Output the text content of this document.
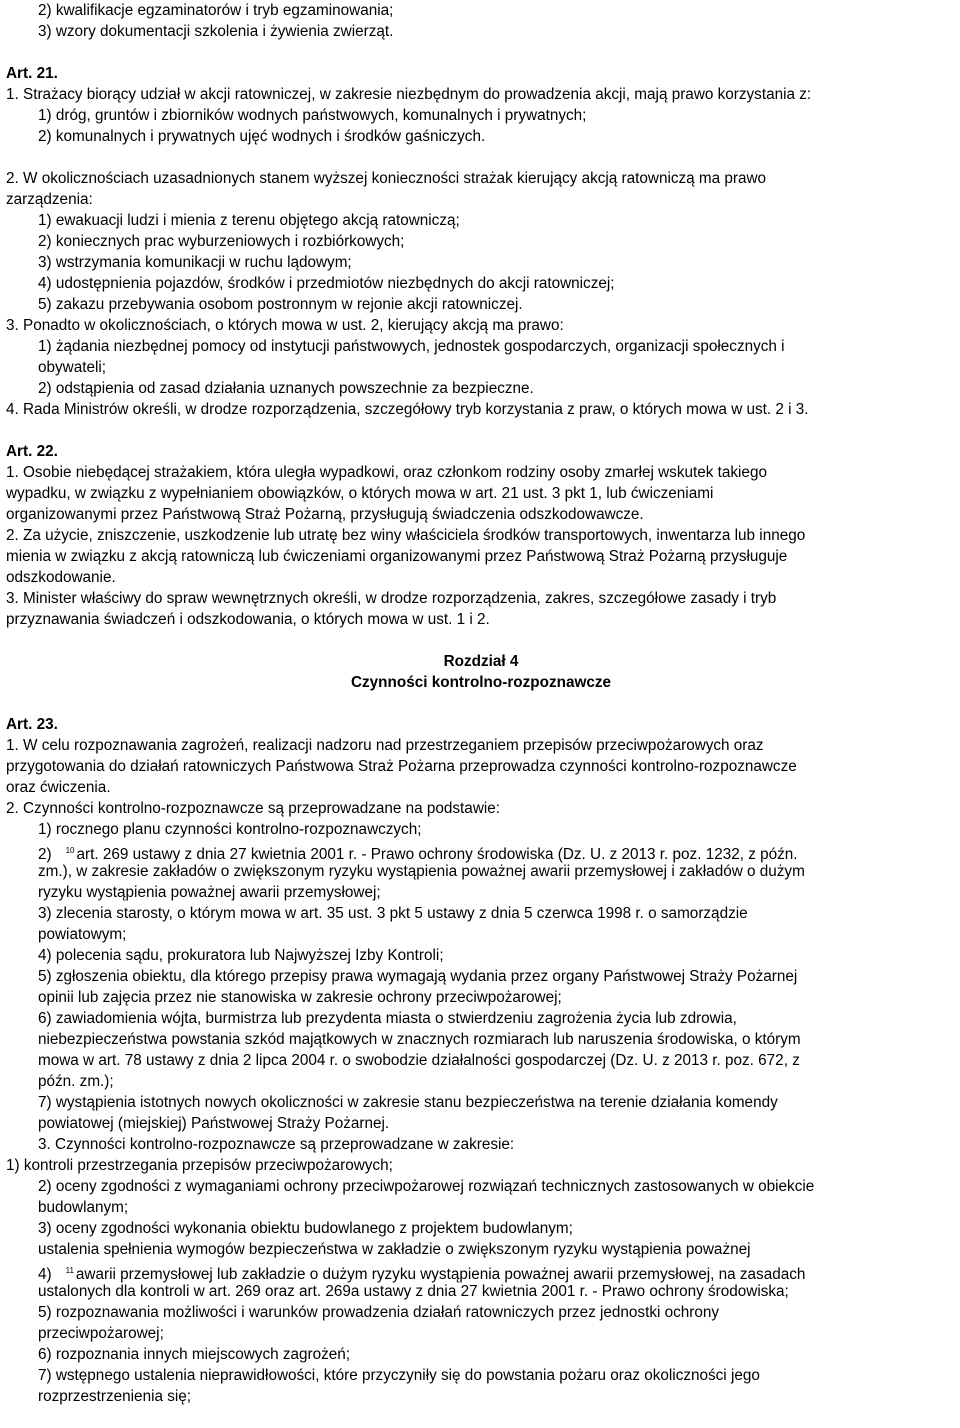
2) kwalifikacje egzaminatorów i tryb egzaminowania;
3) wzory dokumentacji szkolenia i żywienia zwierząt.
Art. 21.
1. Strażacy biorący udział w akcji ratowniczej, w zakresie niezbędnym do prowadzenia akcji, mają prawo korzystania z:
1) dróg, gruntów i zbiorników wodnych państwowych, komunalnych i prywatnych;
2) komunalnych i prywatnych ujęć wodnych i środków gaśniczych.
2. W okolicznościach uzasadnionych stanem wyższej konieczności strażak kierujący akcją ratowniczą ma prawo
zarządzenia:
1) ewakuacji ludzi i mienia z terenu objętego akcją ratowniczą;
2) koniecznych prac wyburzeniowych i rozbiórkowych;
3) wstrzymania komunikacji w ruchu lądowym;
4) udostępnienia pojazdów, środków i przedmiotów niezbędnych do akcji ratowniczej;
5) zakazu przebywania osobom postronnym w rejonie akcji ratowniczej.
3. Ponadto w okolicznościach, o których mowa w ust. 2, kierujący akcją ma prawo:
1) żądania niezbędnej pomocy od instytucji państwowych, jednostek gospodarczych, organizacji społecznych i
obywateli;
2) odstąpienia od zasad działania uznanych powszechnie za bezpieczne.
4. Rada Ministrów określi, w drodze rozporządzenia, szczegółowy tryb korzystania z praw, o których mowa w ust. 2 i 3.
Art. 22.
1. Osobie niebędącej strażakiem, która uległa wypadkowi, oraz członkom rodziny osoby zmarłej wskutek takiego
wypadku, w związku z wypełnianiem obowiązków, o których mowa w art. 21 ust. 3 pkt 1, lub ćwiczeniami
organizowanymi przez Państwową Straż Pożarną, przysługują świadczenia odszkodowawcze.
2. Za użycie, zniszczenie, uszkodzenie lub utratę bez winy właściciela środków transportowych, inwentarza lub innego
mienia w związku z akcją ratowniczą lub ćwiczeniami organizowanymi przez Państwową Straż Pożarną przysługuje
odszkodowanie.
3. Minister właściwy do spraw wewnętrznych określi, w drodze rozporządzenia, zakres, szczegółowe zasady i tryb
przyznawania świadczeń i odszkodowania, o których mowa w ust. 1 i 2.
Rozdział 4
Czynności kontrolno-rozpoznawcze
Art. 23.
1. W celu rozpoznawania zagrożeń, realizacji nadzoru nad przestrzeganiem przepisów przeciwpożarowych oraz
przygotowania do działań ratowniczych Państwowa Straż Pożarna przeprowadza czynności kontrolno-rozpoznawcze
oraz ćwiczenia.
2. Czynności kontrolno-rozpoznawcze są przeprowadzane na podstawie:
1) rocznego planu czynności kontrolno-rozpoznawczych;
2) $^{10}$ art. 269 ustawy z dnia 27 kwietnia 2001 r. - Prawo ochrony środowiska (Dz. U. z 2013 r. poz. 1232, z późn.
zm.), w zakresie zakładów o zwiększonym ryzyku wystąpienia poważnej awarii przemysłowej i zakładów o dużym
ryzyku wystąpienia poważnej awarii przemysłowej;
3) zlecenia starosty, o którym mowa w art. 35 ust. 3 pkt 5 ustawy z dnia 5 czerwca 1998 r. o samorządzie
powiatowym;
4) polecenia sądu, prokuratora lub Najwyższej Izby Kontroli;
5) zgłoszenia obiektu, dla którego przepisy prawa wymagają wydania przez organy Państwowej Straży Pożarnej
opinii lub zajęcia przez nie stanowiska w zakresie ochrony przeciwpożarowej;
6) zawiadomienia wójta, burmistrza lub prezydenta miasta o stwierdzeniu zagrożenia życia lub zdrowia,
niebezpieczeństwa powstania szkód majątkowych w znacznych rozmiarach lub naruszenia środowiska, o którym
mowa w art. 78 ustawy z dnia 2 lipca 2004 r. o swobodzie działalności gospodarczej (Dz. U. z 2013 r. poz. 672, z
późn. zm.);
7) wystąpienia istotnych nowych okoliczności w zakresie stanu bezpieczeństwa na terenie działania komendy
powiatowej (miejskiej) Państwowej Straży Pożarnej.
3. Czynności kontrolno-rozpoznawcze są przeprowadzane w zakresie:
1) kontroli przestrzegania przepisów przeciwpożarowych;
2) oceny zgodności z wymaganiami ochrony przeciwpożarowej rozwiązań technicznych zastosowanych w obiekcie
budowlanym;
3) oceny zgodności wykonania obiektu budowlanego z projektem budowlanym;
ustalenia spełnienia wymogów bezpieczeństwa w zakładzie o zwiększonym ryzyku wystąpienia poważnej
4) $^{11}$ awarii przemysłowej lub zakładzie o dużym ryzyku wystąpienia poważnej awarii przemysłowej, na zasadach
ustalonych dla kontroli w art. 269 oraz art. 269a ustawy z dnia 27 kwietnia 2001 r. - Prawo ochrony środowiska;
5) rozpoznawania możliwości i warunków prowadzenia działań ratowniczych przez jednostki ochrony
przeciwpożarowej;
6) rozpoznania innych miejscowych zagrożeń;
7) wstępnego ustalenia nieprawidłowości, które przyczyniły się do powstania pożaru oraz okoliczności jego
rozprzestrzenienia się;
